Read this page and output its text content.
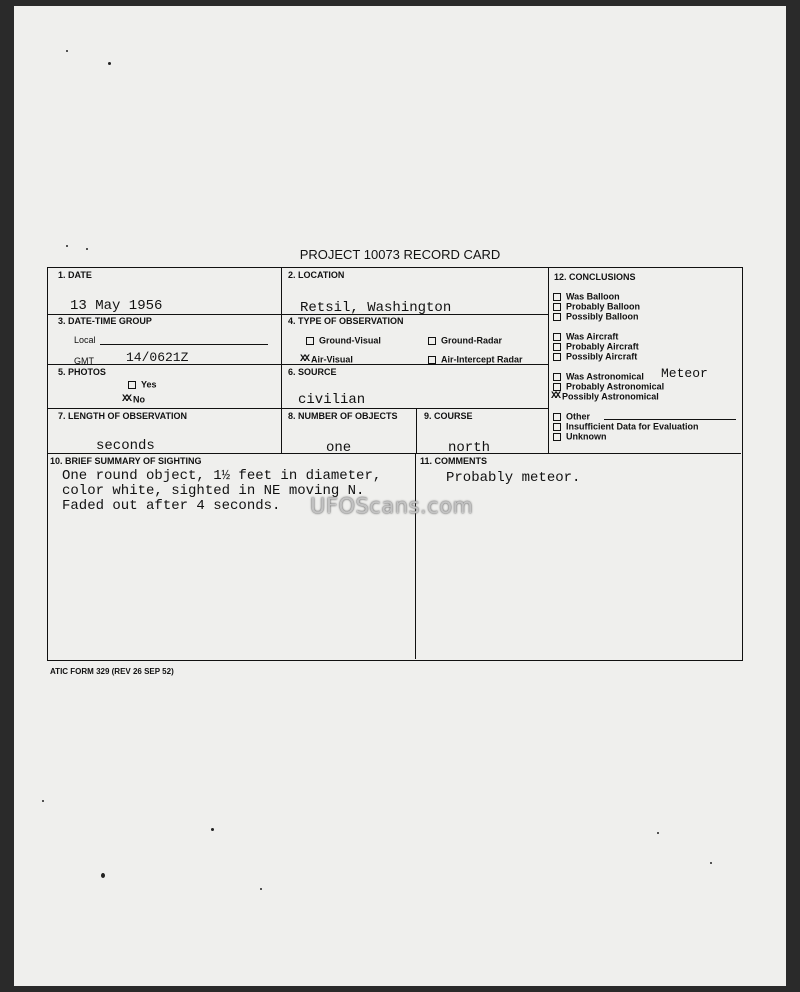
PROJECT 10073 RECORD CARD
1. DATE
13 May 1956
2. LOCATION
Retsil, Washington
3. DATE-TIME GROUP
Local
GMT 14/0621Z
4. TYPE OF OBSERVATION
Ground-Visual	Ground-Radar
XX Air-Visual	Air-Intercept Radar
5. PHOTOS
Yes
XX No
6. SOURCE
civilian
7. LENGTH OF OBSERVATION
seconds
8. NUMBER OF OBJECTS
one
9. COURSE
north
10. BRIEF SUMMARY OF SIGHTING
One round object, 1½ feet in diameter,
color white, sighted in NE moving N.
Faded out after 4 seconds.
11. COMMENTS
Probably meteor.
12. CONCLUSIONS
Was Balloon
Probably Balloon
Possibly Balloon
Was Aircraft
Probably Aircraft
Possibly Aircraft
Was Astronomical Meteor
Probably Astronomical
XX Possibly Astronomical
Other
Insufficient Data for Evaluation
Unknown
ATIC FORM 329 (REV 26 SEP 52)
UFOScans.com
